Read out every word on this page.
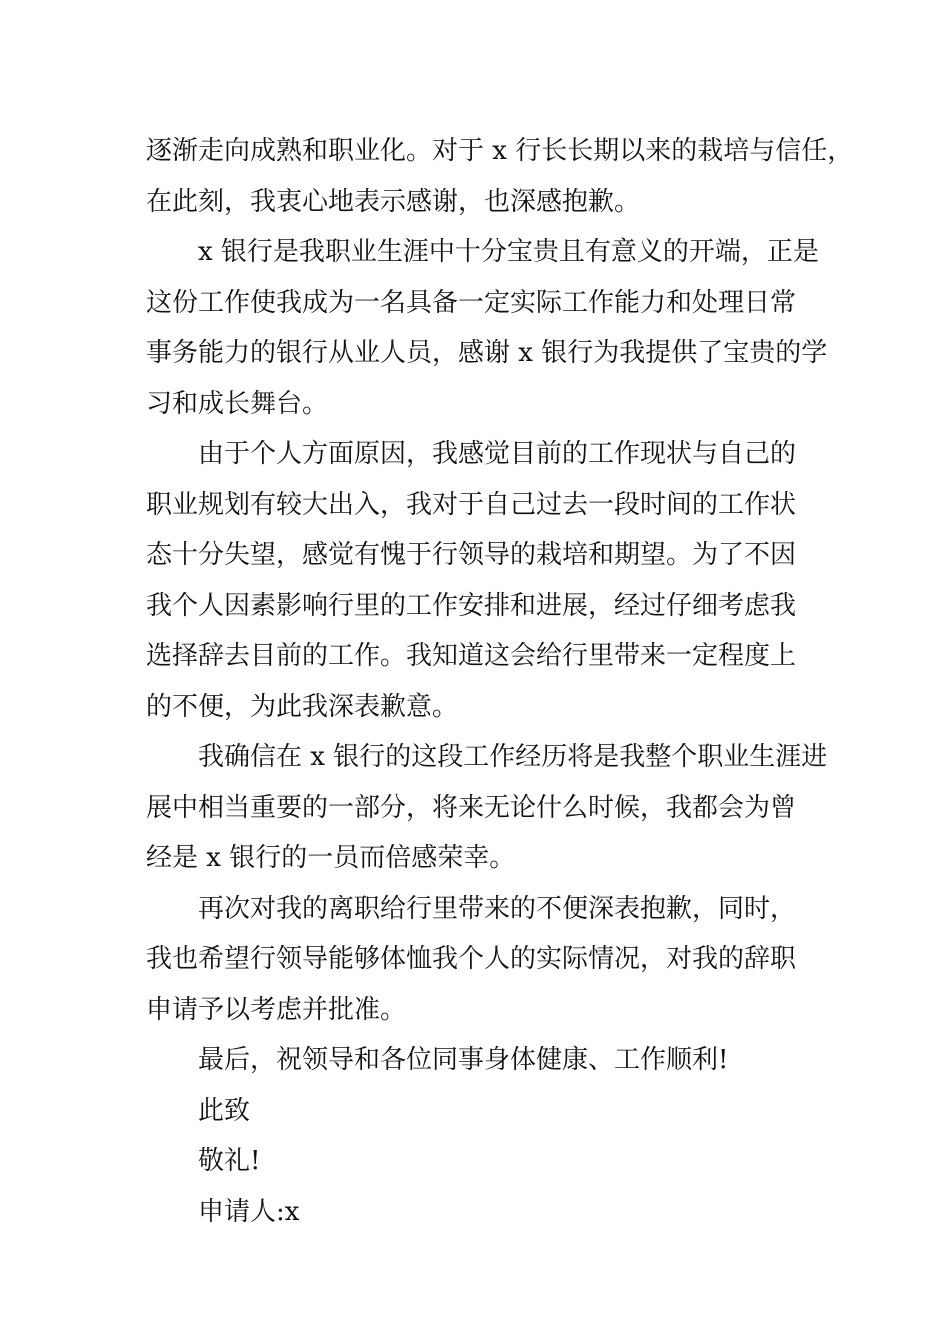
逐渐走向成熟和职业化。对于 x 行长长期以来的栽培与信任，
在此刻，我衷心地表示感谢，也深感抱歉。
x 银行是我职业生涯中十分宝贵且有意义的开端，正是
这份工作使我成为一名具备一定实际工作能力和处理日常
事务能力的银行从业人员，感谢 x 银行为我提供了宝贵的学
习和成长舞台。
由于个人方面原因，我感觉目前的工作现状与自己的
职业规划有较大出入，我对于自己过去一段时间的工作状
态十分失望，感觉有愧于行领导的栽培和期望。为了不因
我个人因素影响行里的工作安排和进展，经过仔细考虑我
选择辞去目前的工作。我知道这会给行里带来一定程度上
的不便，为此我深表歉意。
我确信在 x 银行的这段工作经历将是我整个职业生涯进
展中相当重要的一部分，将来无论什么时候，我都会为曾
经是 x 银行的一员而倍感荣幸。
再次对我的离职给行里带来的不便深表抱歉，同时，
我也希望行领导能够体恤我个人的实际情况，对我的辞职
申请予以考虑并批准。
最后，祝领导和各位同事身体健康、工作顺利!
此致
敬礼!
申请人:x
